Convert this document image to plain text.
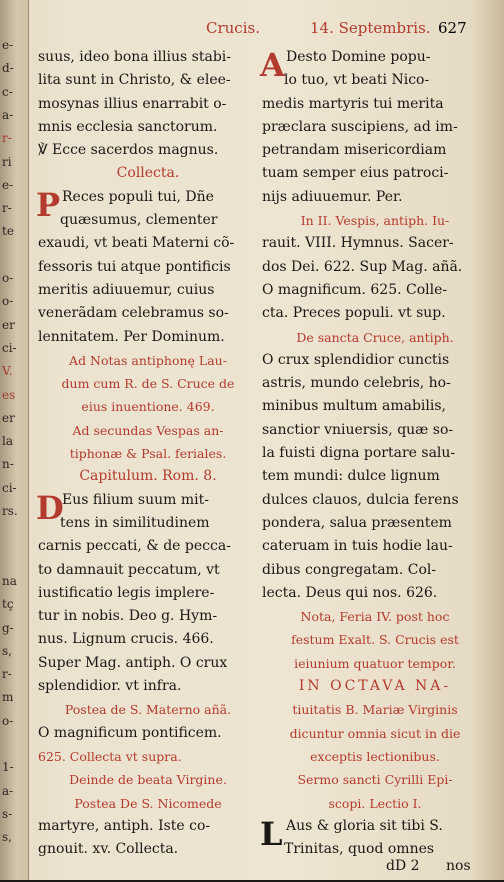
e-
d-
c-
a-
r-
ri
e-
r-
te
o-
o-
er
ci-
V.
es
er
la
n-
ci-
rs.
na
tç
g-
s,
r-
m
o-
1-
a-
s-
s,
Crucis.	14. Septembris. 627
suus, ideo bona illius stabi-
lita sunt in Christo, & elee-
mosynas illius enarrabit o-
mnis ecclesia sanctorum.
℣ Ecce sacerdos magnus.
Collecta.
P Reces populi tui, Dñe
quæsumus, clementer
exaudi, vt beati Materni cõ-
fessoris tui atque pontificis
meritis adiuuemur, cuius
venerãdam celebramus so-
lennitatem. Per Dominum.
Ad Notas antiphonę Lau-
dum cum R. de S. Cruce de
eius inuentione. 469.
Ad secundas Vespas an-
tiphonæ & Psal. feriales.
Capitulum. Rom. 8.
D
Eus filium suum mit-
tens in similitudinem
carnis peccati, & de pecca-
to damnauit peccatum, vt
iustificatio legis implere-
tur in nobis. Deo g. Hym-
nus. Lignum crucis. 466.
Super Mag. antiph. O crux
splendidior. vt infra.
Postea de S. Materno añã.
O magnificum pontificem.
625. Collecta vt supra.
Deinde de beata Virgine.
Postea De S. Nicomede
martyre, antiph. Iste co-
gnouit. xv. Collecta.
A Desto Domine popu-
lo tuo, vt beati Nico-
medis martyris tui merita
præclara suscipiens, ad im-
petrandam misericordiam
tuam semper eius patroci-
nijs adiuuemur. Per.
In II. Vespis, antiph. Iu-
rauit. VIII. Hymnus. Sacer-
dos Dei. 622. Sup Mag. añã.
O magnificum. 625. Colle-
cta. Preces populi. vt sup.
De sancta Cruce, antiph.
O crux splendidior cunctis
astris, mundo celebris, ho-
minibus multum amabilis,
sanctior vniuersis, quæ so-
la fuisti digna portare salu-
tem mundi: dulce lignum
dulces clauos, dulcia ferens
pondera, salua præsentem
cateruam in tuis hodie lau-
dibus congregatam. Col-
lecta. Deus qui nos. 626.
Nota, Feria IV. post hoc
festum Exalt. S. Crucis est
ieiunium quatuor tempor.
IN OCTAVA NA-
tiuitatis B. Mariæ Virginis
dicuntur omnia sicut in die
exceptis lectionibus.
Sermo sancti Cyrilli Epi-
scopi. Lectio I.
L Aus & gloria sit tibi S.
Trinitas, quod omnes
dD 2 nos
